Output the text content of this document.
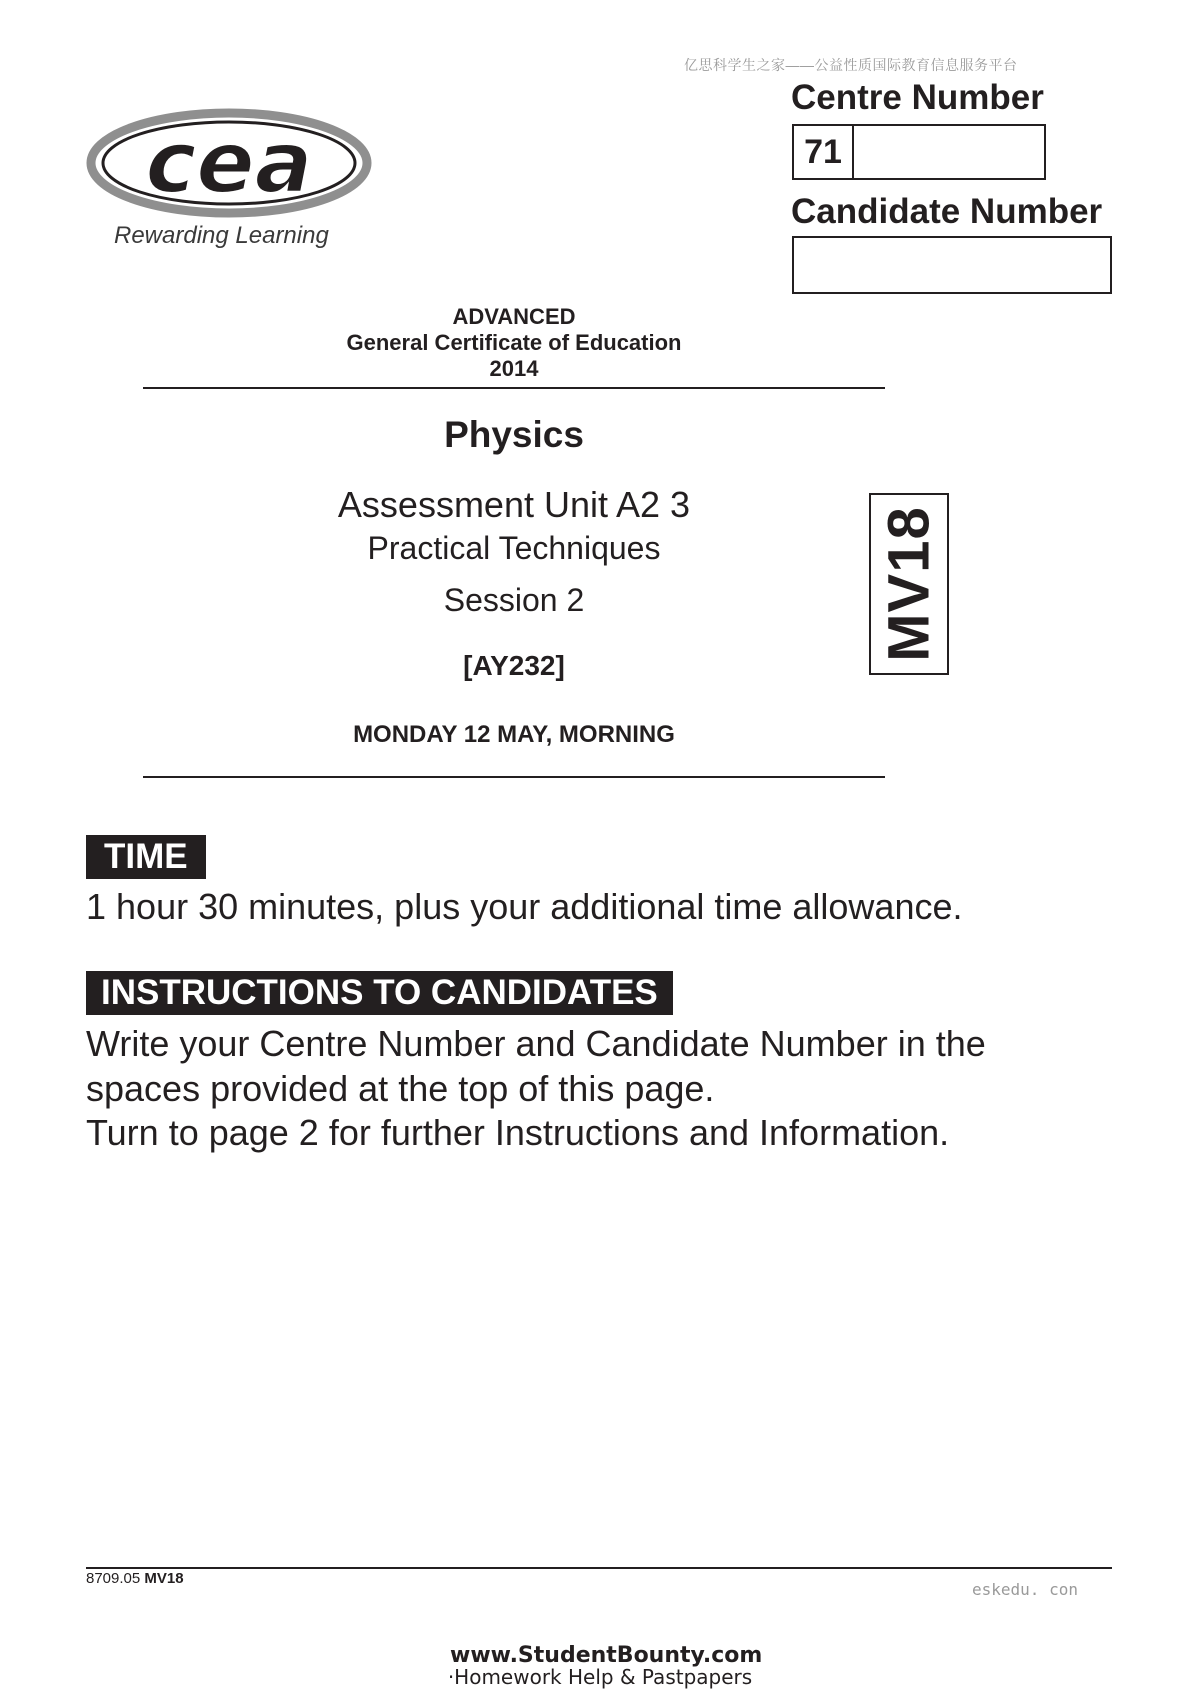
亿思科学生之家——公益性质国际教育信息服务平台
cea
Rewarding Learning
Centre Number
71
Candidate Number
ADVANCED
General Certificate of Education
2014
Physics
Assessment Unit A2 3
Practical Techniques
Session 2
[AY232]
MONDAY 12 MAY, MORNING
MV18
TIME
1 hour 30 minutes, plus your additional time allowance.
INSTRUCTIONS TO CANDIDATES
Write your Centre Number and Candidate Number in the
spaces provided at the top of this page.
Turn to page 2 for further Instructions and Information.
8709.05 MV18
eskedu. con
www.StudentBounty.com
·Homework Help & Pastpapers
